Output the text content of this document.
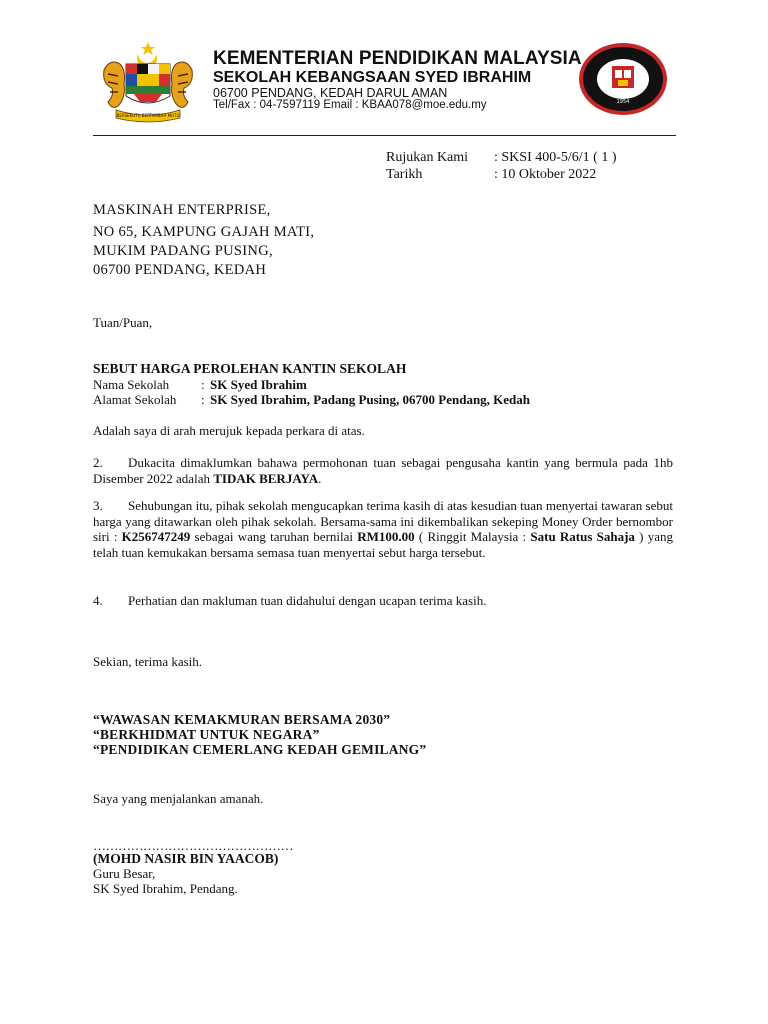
BERSEKUTU BERTAMBAH MUTU
1954
KEMENTERIAN PENDIDIKAN MALAYSIA
SEKOLAH KEBANGSAAN SYED IBRAHIM
06700 PENDANG, KEDAH DARUL AMAN
Tel/Fax : 04-7597119 Email : KBAA078@moe.edu.my
Rujukan Kami : SKSI 400-5/6/1 ( 1 )
Tarikh	: 10 Oktober 2022
MASKINAH ENTERPRISE,
NO 65, KAMPUNG GAJAH MATI,
MUKIM PADANG PUSING,
06700 PENDANG, KEDAH
Tuan/Puan,
SEBUT HARGA PEROLEHAN KANTIN SEKOLAH
Nama Sekolah : SK Syed Ibrahim
Alamat Sekolah : SK Syed Ibrahim, Padang Pusing, 06700 Pendang, Kedah
Adalah saya di arah merujuk kepada perkara di atas.
2. Dukacita dimaklumkan bahawa permohonan tuan sebagai pengusaha kantin yang bermula pada 1hb Disember 2022 adalah TIDAK BERJAYA.
3. Sehubungan itu, pihak sekolah mengucapkan terima kasih di atas kesudian tuan menyertai tawaran sebut harga yang ditawarkan oleh pihak sekolah. Bersama-sama ini dikembalikan sekeping Money Order bernombor siri : K256747249 sebagai wang taruhan bernilai RM100.00 ( Ringgit Malaysia : Satu Ratus Sahaja ) yang telah tuan kemukakan bersama semasa tuan menyertai sebut harga tersebut.
4. Perhatian dan makluman tuan didahului dengan ucapan terima kasih.
Sekian, terima kasih.
“WAWASAN KEMAKMURAN BERSAMA 2030”
“BERKHIDMAT UNTUK NEGARA”
“PENDIDIKAN CEMERLANG KEDAH GEMILANG”
Saya yang menjalankan amanah.
…………………………………………
(MOHD NASIR BIN YAACOB)
Guru Besar,
SK Syed Ibrahim, Pendang.
